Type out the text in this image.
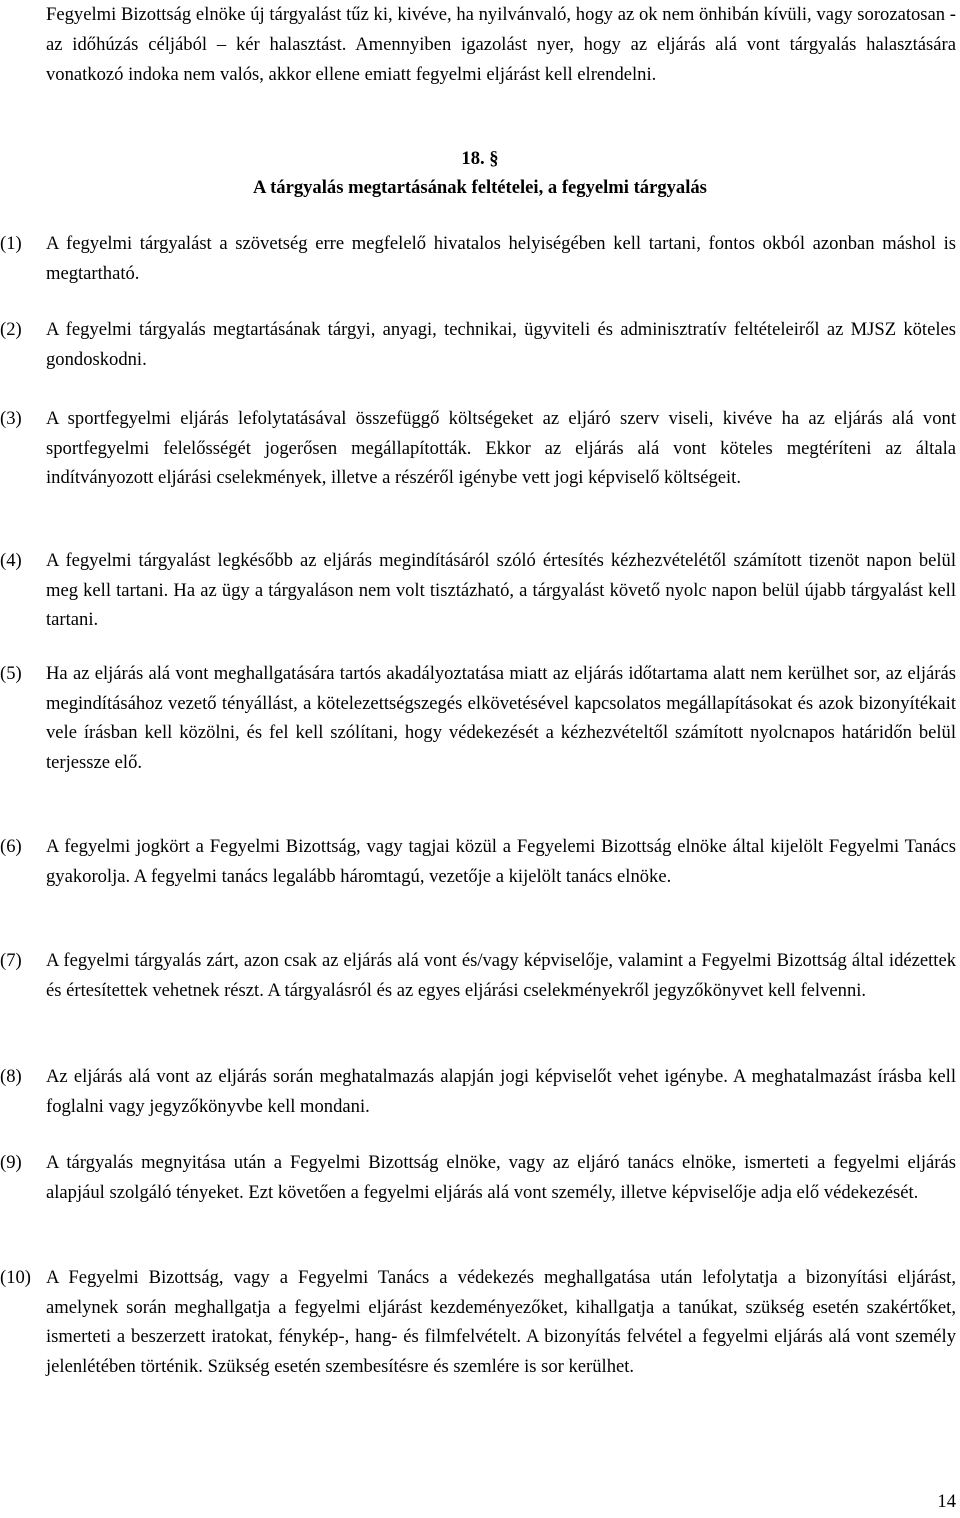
Fegyelmi Bizottság elnöke új tárgyalást tűz ki, kivéve, ha nyilvánvaló, hogy az ok nem önhibán kívüli, vagy sorozatosan - az időhúzás céljából – kér halasztást. Amennyiben igazolást nyer, hogy az eljárás alá vont tárgyalás halasztására vonatkozó indoka nem valós, akkor ellene emiatt fegyelmi eljárást kell elrendelni.
18. §
A tárgyalás megtartásának feltételei, a fegyelmi tárgyalás
(1)	A fegyelmi tárgyalást a szövetség erre megfelelő hivatalos helyiségében kell tartani, fontos okból azonban máshol is megtartható.
(2)	A fegyelmi tárgyalás megtartásának tárgyi, anyagi, technikai, ügyviteli és adminisztratív feltételeiről az MJSZ köteles gondoskodni.
(3)	A sportfegyelmi eljárás lefolytatásával összefüggő költségeket az eljáró szerv viseli, kivéve ha az eljárás alá vont sportfegyelmi felelősségét jogerősen megállapították. Ekkor az eljárás alá vont köteles megtéríteni az általa indítványozott eljárási cselekmények, illetve a részéről igénybe vett jogi képviselő költségeit.
(4)	A fegyelmi tárgyalást legkésőbb az eljárás megindításáról szóló értesítés kézhezvételétől számított tizenöt napon belül meg kell tartani. Ha az ügy a tárgyaláson nem volt tisztázható, a tárgyalást követő nyolc napon belül újabb tárgyalást kell tartani.
(5)	Ha az eljárás alá vont meghallgatására tartós akadályoztatása miatt az eljárás időtartama alatt nem kerülhet sor, az eljárás megindításához vezető tényállást, a kötelezettségszegés elkövetésével kapcsolatos megállapításokat és azok bizonyítékait vele írásban kell közölni, és fel kell szólítani, hogy védekezését a kézhezvételtől számított nyolcnapos határidőn belül terjessze elő.
(6)	A fegyelmi jogkört a Fegyelmi Bizottság, vagy tagjai közül a Fegyelemi Bizottság elnöke által kijelölt Fegyelmi Tanács gyakorolja. A fegyelmi tanács legalább háromtagú, vezetője a kijelölt tanács elnöke.
(7)	A fegyelmi tárgyalás zárt, azon csak az eljárás alá vont és/vagy képviselője, valamint a Fegyelmi Bizottság által idézettek és értesítettek vehetnek részt. A tárgyalásról és az egyes eljárási cselekményekről jegyzőkönyvet kell felvenni.
(8)	Az eljárás alá vont az eljárás során meghatalmazás alapján jogi képviselőt vehet igénybe. A meghatalmazást írásba kell foglalni vagy jegyzőkönyvbe kell mondani.
(9)	A tárgyalás megnyitása után a Fegyelmi Bizottság elnöke, vagy az eljáró tanács elnöke, ismerteti a fegyelmi eljárás alapjául szolgáló tényeket. Ezt követően a fegyelmi eljárás alá vont személy, illetve képviselője adja elő védekezését.
(10) A Fegyelmi Bizottság, vagy a Fegyelmi Tanács a védekezés meghallgatása után lefolytatja a bizonyítási eljárást, amelynek során meghallgatja a fegyelmi eljárást kezdeményezőket, kihallgatja a tanúkat, szükség esetén szakértőket, ismerteti a beszerzett iratokat, fénykép-, hang- és filmfelvételt. A bizonyítás felvétel a fegyelmi eljárás alá vont személy jelenlétében történik. Szükség esetén szembesítésre és szemlére is sor kerülhet.
14
